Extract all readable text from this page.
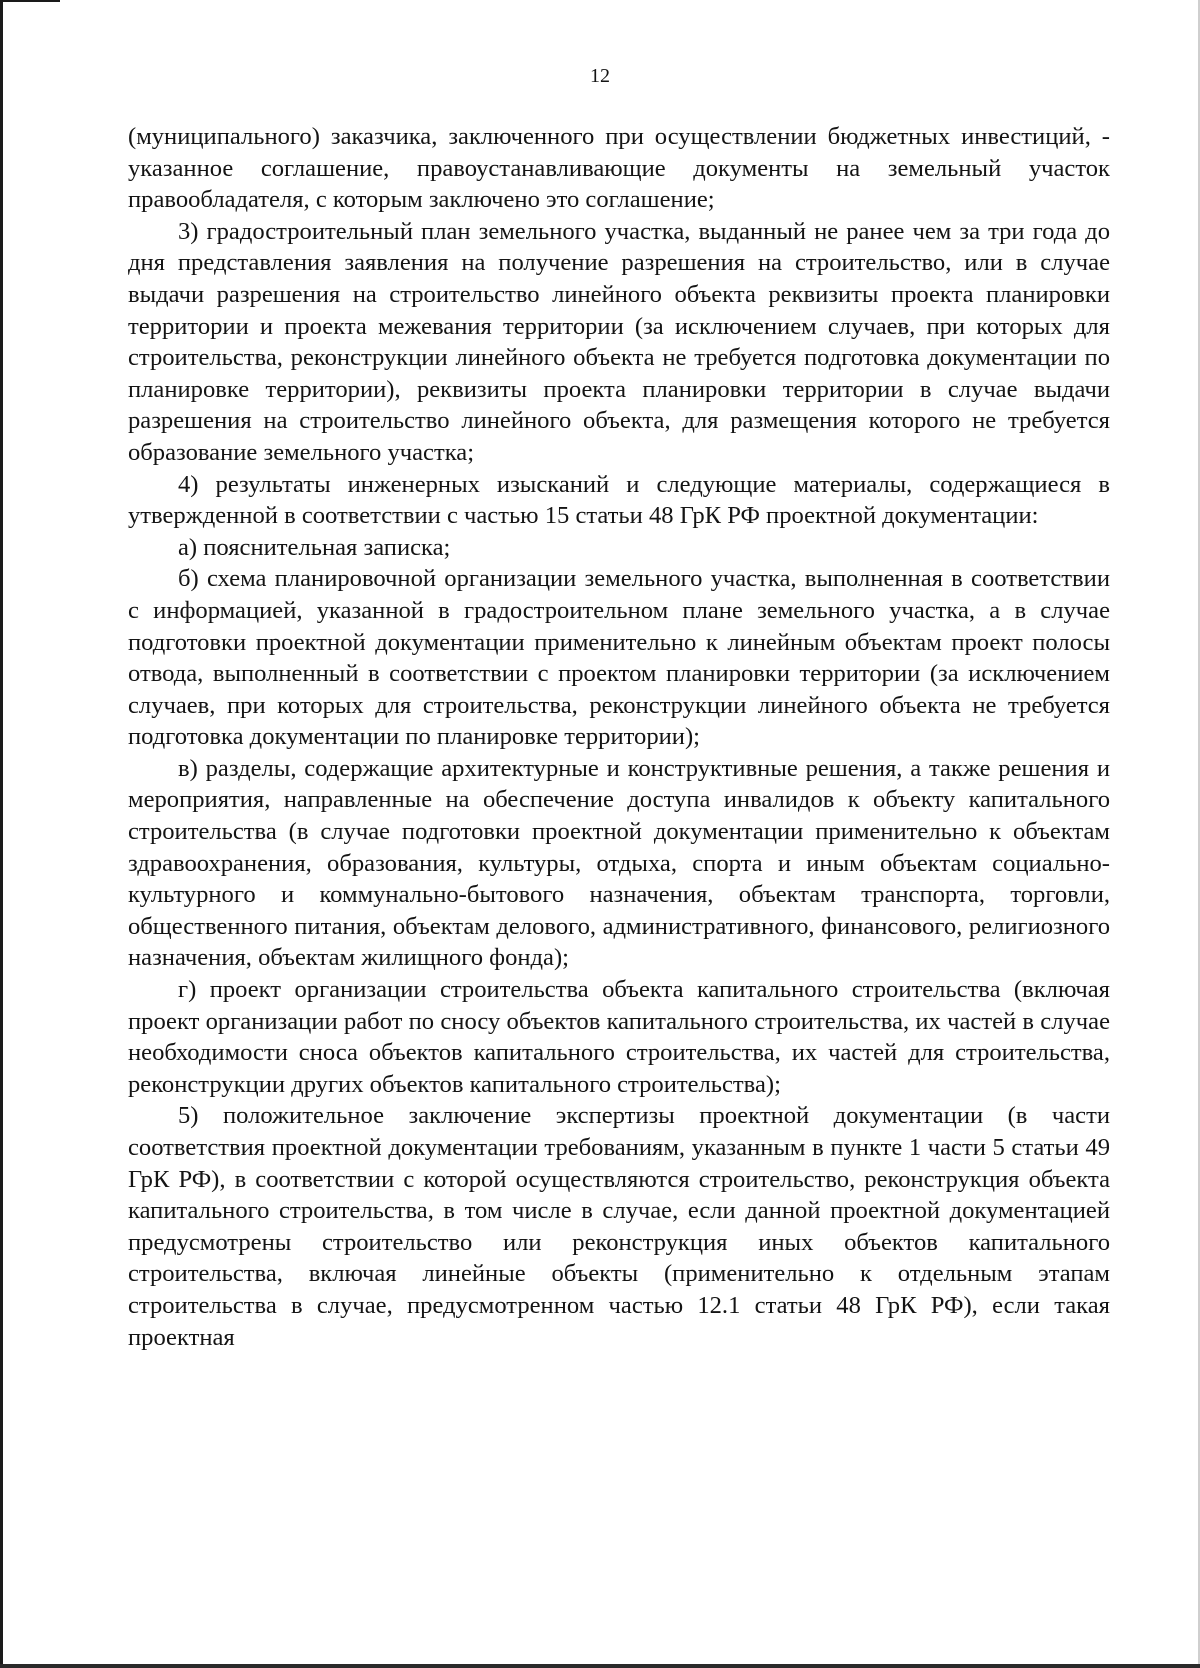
12

(муниципального) заказчика, заключенного при осуществлении бюджетных инвестиций, - указанное соглашение, правоустанавливающие документы на земельный участок правообладателя, с которым заключено это соглашение;

3) градостроительный план земельного участка, выданный не ранее чем за три года до дня представления заявления на получение разрешения на строительство, или в случае выдачи разрешения на строительство линейного объекта реквизиты проекта планировки территории и проекта межевания территории (за исключением случаев, при которых для строительства, реконструкции линейного объекта не требуется подготовка документации по планировке территории), реквизиты проекта планировки территории в случае выдачи разрешения на строительство линейного объекта, для размещения которого не требуется образование земельного участка;

4) результаты инженерных изысканий и следующие материалы, содержащиеся в утвержденной в соответствии с частью 15 статьи 48 ГрК РФ проектной документации:

а) пояснительная записка;

б) схема планировочной организации земельного участка, выполненная в соответствии с информацией, указанной в градостроительном плане земельного участка, а в случае подготовки проектной документации применительно к линейным объектам проект полосы отвода, выполненный в соответствии с проектом планировки территории (за исключением случаев, при которых для строительства, реконструкции линейного объекта не требуется подготовка документации по планировке территории);

в) разделы, содержащие архитектурные и конструктивные решения, а также решения и мероприятия, направленные на обеспечение доступа инвалидов к объекту капитального строительства (в случае подготовки проектной документации применительно к объектам здравоохранения, образования, культуры, отдыха, спорта и иным объектам социально-культурного и коммунально-бытового назначения, объектам транспорта, торговли, общественного питания, объектам делового, административного, финансового, религиозного назначения, объектам жилищного фонда);

г) проект организации строительства объекта капитального строительства (включая проект организации работ по сносу объектов капитального строительства, их частей в случае необходимости сноса объектов капитального строительства, их частей для строительства, реконструкции других объектов капитального строительства);

5) положительное заключение экспертизы проектной документации (в части соответствия проектной документации требованиям, указанным в пункте 1 части 5 статьи 49 ГрК РФ), в соответствии с которой осуществляются строительство, реконструкция объекта капитального строительства, в том числе в случае, если данной проектной документацией предусмотрены строительство или реконструкция иных объектов капитального строительства, включая линейные объекты (применительно к отдельным этапам строительства в случае, предусмотренном частью 12.1 статьи 48 ГрК РФ), если такая проектная
